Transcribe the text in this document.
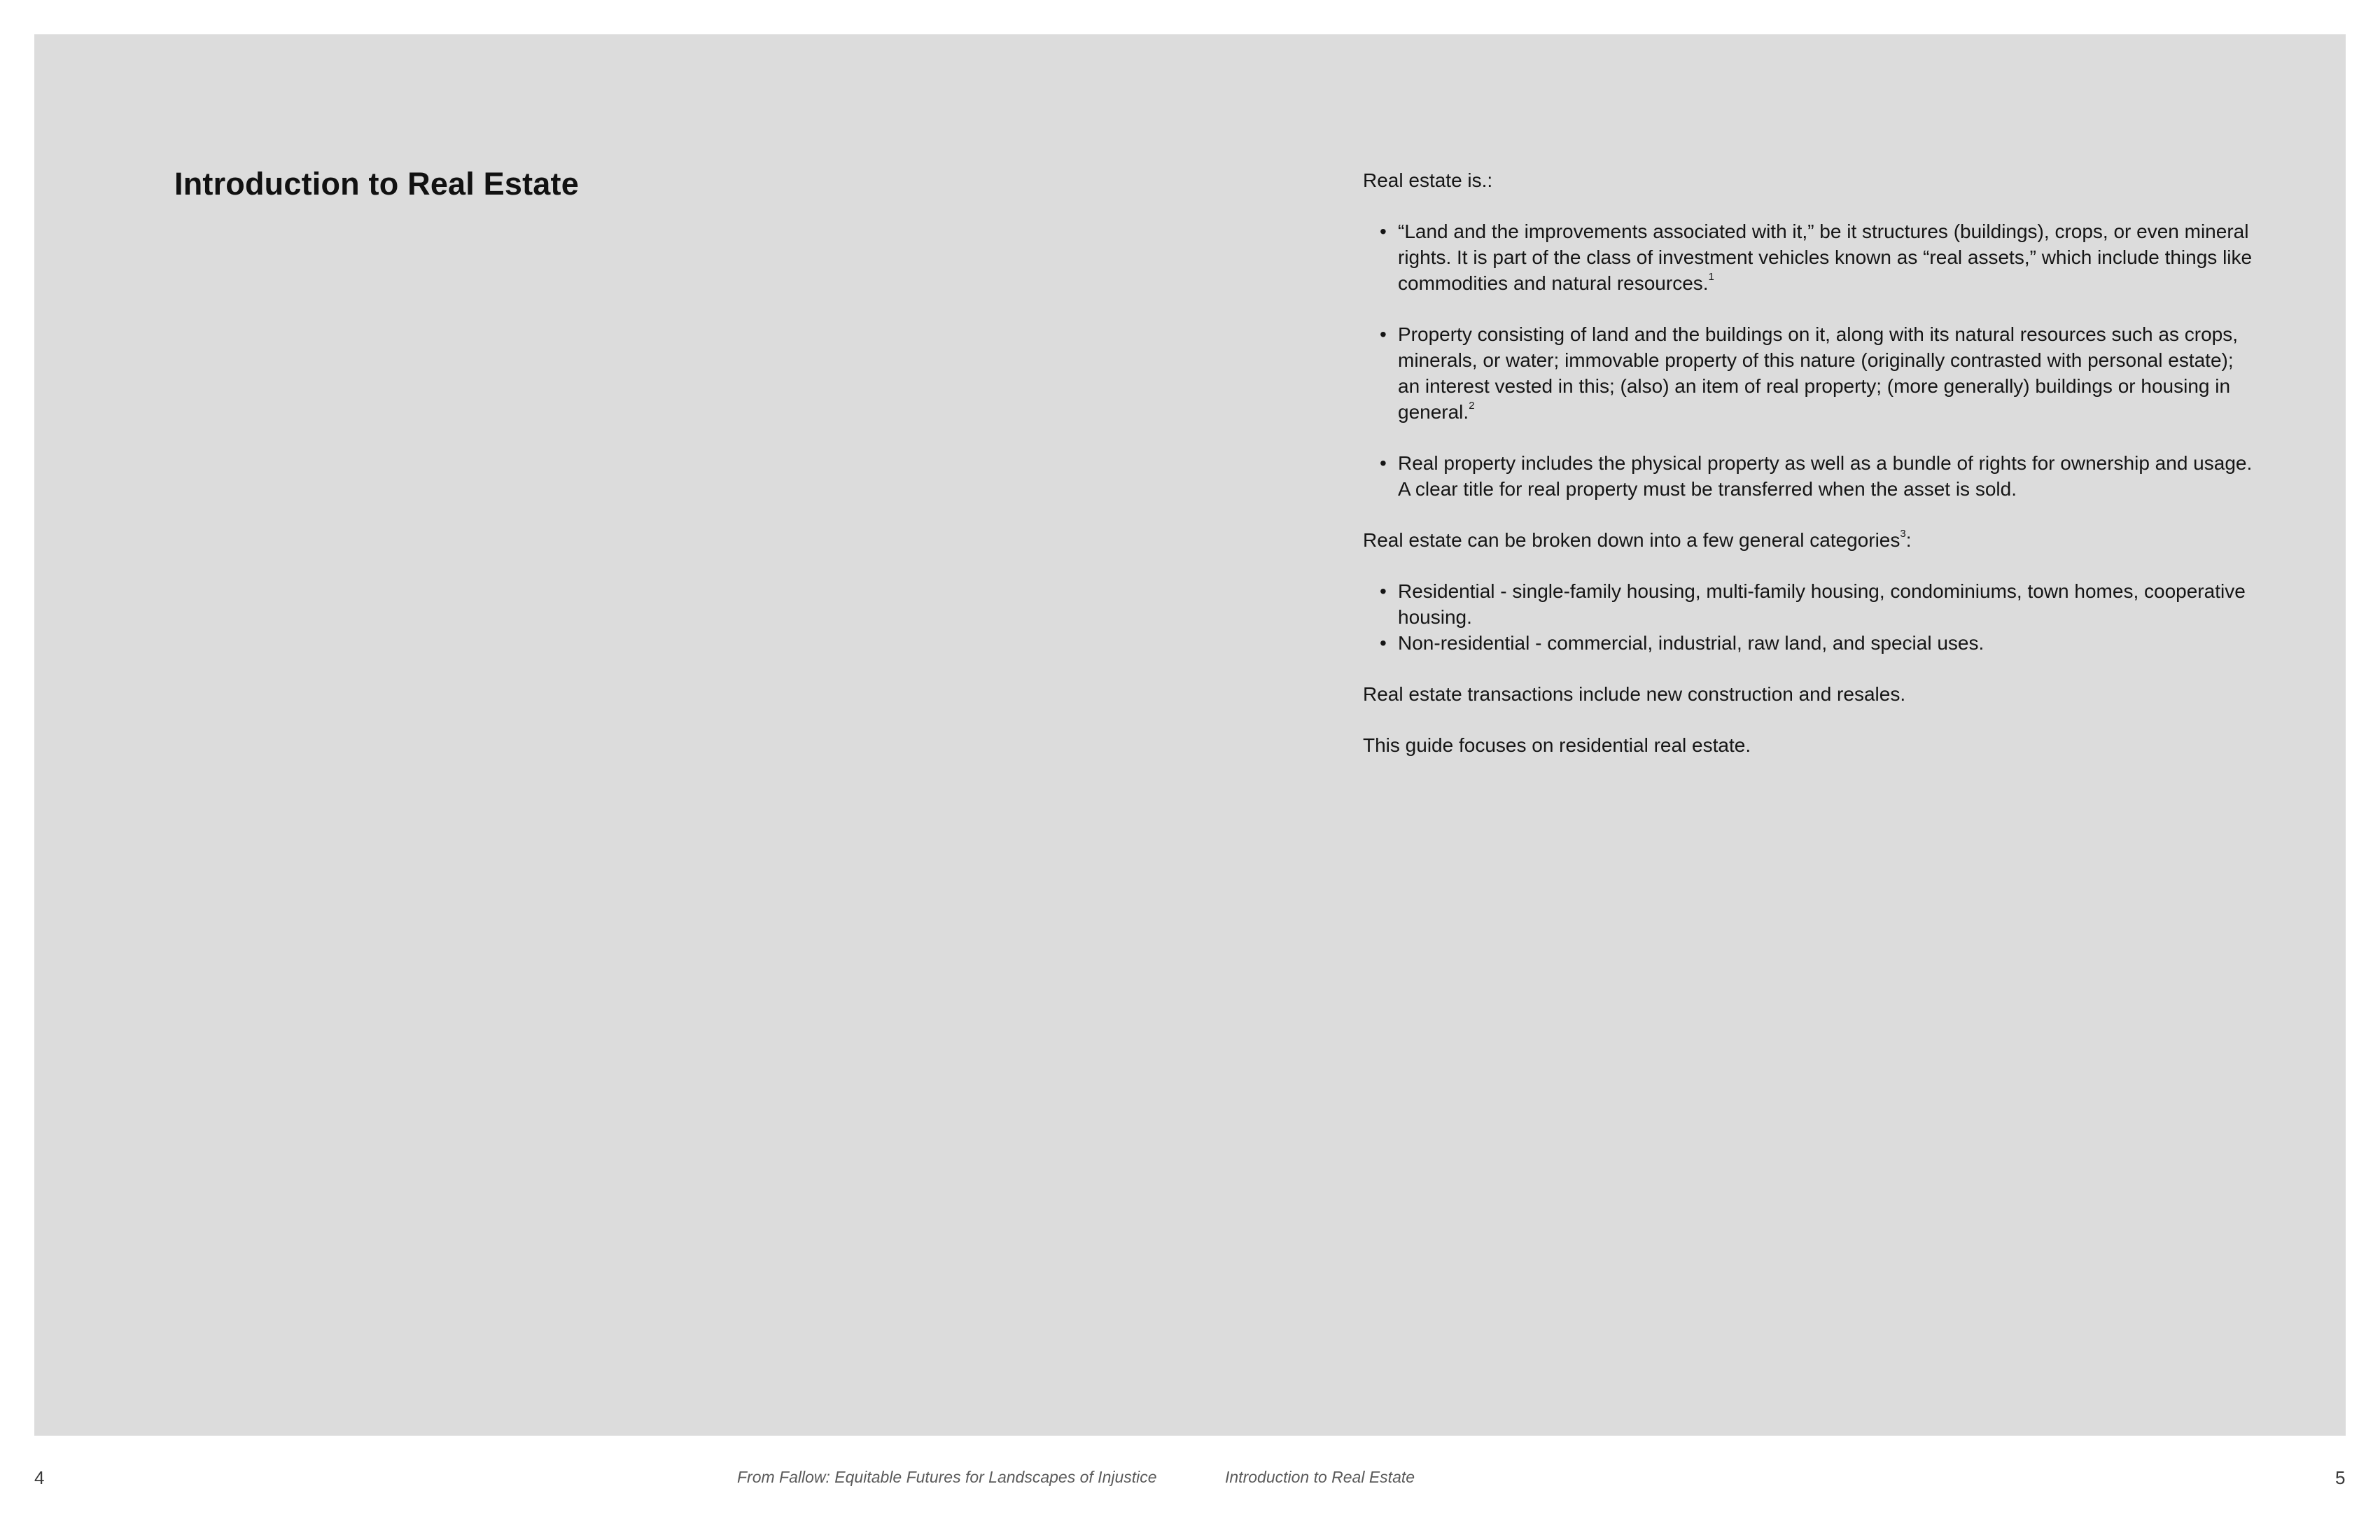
Introduction to Real Estate	Real estate is.:

• “Land and the improvements associated with it,” be it structures (buildings), crops, or even mineral rights. It is part of the class of investment vehicles known as “real assets,” which include things like commodities and natural resources.$^1$
• Property consisting of land and the buildings on it, along with its natural resources such as crops, minerals, or water; immovable property of this nature (originally contrasted with personal estate); an interest vested in this; (also) an item of real property; (more generally) buildings or housing in general.$^2$
• Real property includes the physical property as well as a bundle of rights for ownership and usage. A clear title for real property must be transferred when the asset is sold.

Real estate can be broken down into a few general categories$^3$:

• Residential - single-family housing, multi-family housing, condominiums, town homes, cooperative housing.
• Non-residential - commercial, industrial, raw land, and special uses.

Real estate transactions include new construction and resales.

This guide focuses on residential real estate.

4	From Fallow: Equitable Futures for Landscapes of Injustice	Introduction to Real Estate	5
